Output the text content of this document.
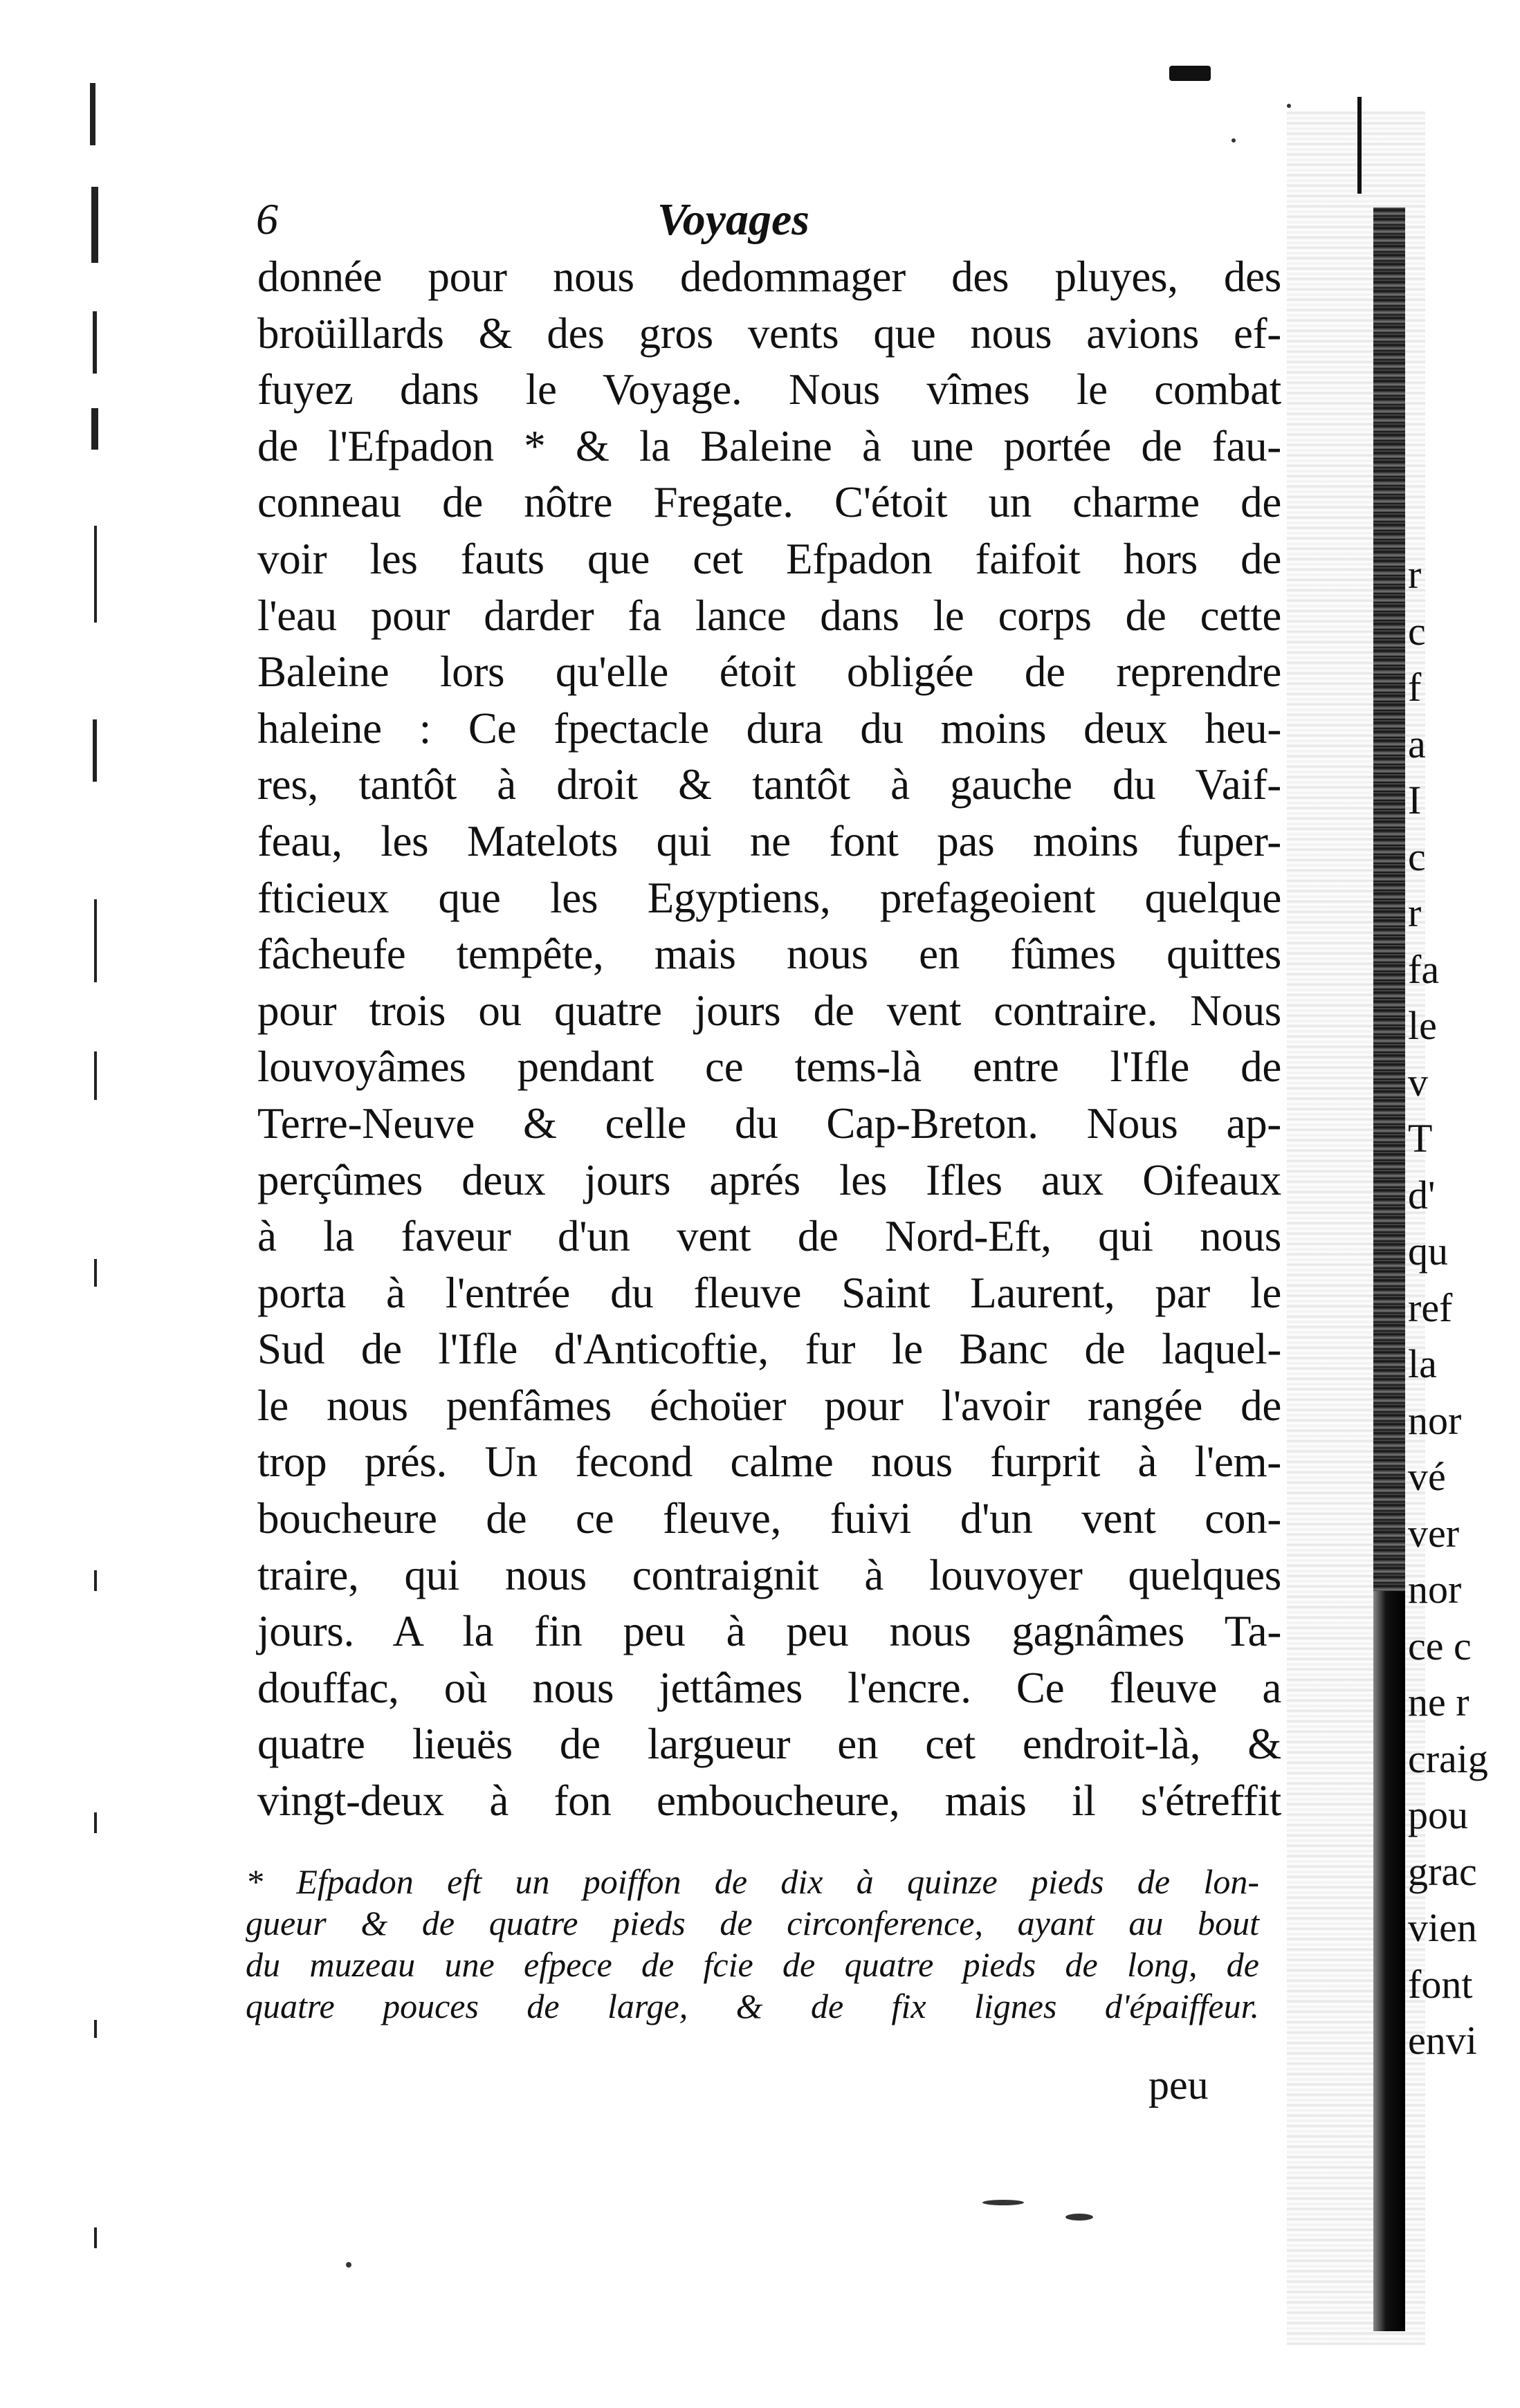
r
c
f
a
I
c
r
fa
le
v
T
d'
qu
ref
la
nor
vé
ver
nor
ce c
ne r
craig
pou
grac
vien
font
envi
6	Voyages
donnée pour nous dedommager des pluyes, des
broüillards & des gros vents que nous avions ef-
fuyez dans le Voyage. Nous vîmes le combat
de l'Efpadon * & la Baleine à une portée de fau-
conneau de nôtre Fregate. C'étoit un charme de
voir les fauts que cet Efpadon faifoit hors de
l'eau pour darder fa lance dans le corps de cette
Baleine lors qu'elle étoit obligée de reprendre
haleine : Ce fpectacle dura du moins deux heu-
res, tantôt à droit & tantôt à gauche du Vaif-
feau, les Matelots qui ne font pas moins fuper-
fticieux que les Egyptiens, prefageoient quelque
fâcheufe tempête, mais nous en fûmes quittes
pour trois ou quatre jours de vent contraire. Nous
louvoyâmes pendant ce tems-là entre l'Ifle de
Terre-Neuve & celle du Cap-Breton. Nous ap-
perçûmes deux jours aprés les Ifles aux Oifeaux
à la faveur d'un vent de Nord-Eft, qui nous
porta à l'entrée du fleuve Saint Laurent, par le
Sud de l'Ifle d'Anticoftie, fur le Banc de laquel-
le nous penfâmes échoüer pour l'avoir rangée de
trop prés. Un fecond calme nous furprit à l'em-
boucheure de ce fleuve, fuivi d'un vent con-
traire, qui nous contraignit à louvoyer quelques
jours. A la fin peu à peu nous gagnâmes Ta-
douffac, où nous jettâmes l'encre. Ce fleuve a
quatre lieuës de largueur en cet endroit-là, &
vingt-deux à fon emboucheure, mais il s'étreffit
* Efpadon eft un poiffon de dix à quinze pieds de lon-
gueur & de quatre pieds de circonference, ayant au bout
du muzeau une efpece de fcie de quatre pieds de long, de
quatre pouces de large, & de fix lignes d'épaiffeur.
peu
